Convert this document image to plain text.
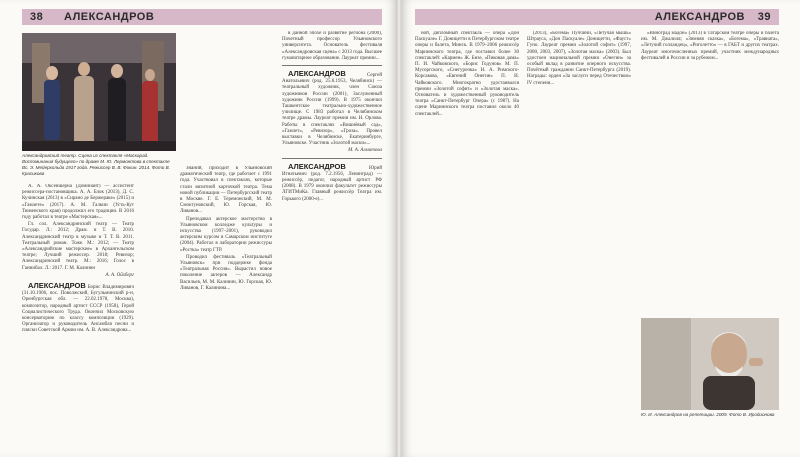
38	АЛЕКСАНДРОВ
Александровский театр. Сцена из спектакля «Маскарад. Воспоминания будущего» по драме М. Ю. Лермонтова в спектакле Вс. Э. Мейерхольда 1917 года. Режиссер В. В. Фокин. 2014. Фото В. Красикова

А. А. Оксеншерна (Доминант) — ассистент режиссера-постановщика. А. А. Блок (2013), Д. С. Кучинская (2013) в «Сирано де Бержераке» (2015) и «Гамлете» (2017). А. М. Галкин (Усть-Кут Тюменского края) продолжил его традиции. В 2016 году работал в театре «Мастерская»...

Гл. сол. Александринский театр — Театр Государ. Л.: 2012; Драм. и Т. В. 2010. Александринский театр в музыке и Т. Т. В. 2011. Театральный роман. Тоже. М.: 2012; — Театр «Александрийские мастерские» в Архангельском театре; Лучший режиссер. 2018; Ревизор; Александринский театр. М.: 2016; Голос в Ганнибал. Л.: 2017. Г. М. Калинин

А. А. Ойхберг

АЛЕКСАНДРОВ Борис Владимирович (31.10.1906, пос. Поволжский, Бугульминский р-н, Оренбургская обл. — 22.02.1978, Москва), композитор, народный артист СССР (1958), Герой Социалистического Труда. Окончил Московскую консерваторию по классу композиции (1929). Организатор и руководитель Ансамбля песни и пляски Советской Армии им. А. В. Александрова...

Знаний, приходит в Ульяновский драматический театр, где работает с 1991 года. Участвовал в спектаклях, которые стали визитной карточкой театра. Тема новой публикации — Петербургский театр в Москве. Г. Е. Теремонский, М. М. Смоктуновский, Ю. Горская, Ю. Ливанов...

Преподавал актерское мастерство в Ульяновском колледже культуры и искусства (1997–2001), руководил актерским курсом в Самарском институте (2004). Работал в лаборатории режиссуры «Ростка» театр ГТР.

Проводил фестиваль «Театральный Ульяновск» при поддержке фонда «Театральная Россия». Вырастил новое поколение актеров — Александр Васильев, М. М. Калинин, Ю. Горская, Ю. Ливанов, Г. Калинина...

в данной эпохе и развитие региона (2000), Почетный профессор Ульяновского университета. Основатель фестиваля «Александровская сцена» с 2013 года. Высшее гуманитарное образование. Лауреат премии...

АЛЕКСАНДРОВ	Сергей Анатольевич (род. 25.6.1953, Челябинск) — театральный художник, член Союза художников России (2001), Заслуженный художник России (1999). В 1975 окончил Ташкентское театрально-художественное училище. С 1983 работал в Челябинском театре драмы. Лауреат премии им. Н. Орлова. Работы в спектаклях «Вишнёвый сад», «Гамлет», «Ревизор», «Гроза». Провел выставки в Челябинске, Екатеринбурге, Ульяновске. Участник «Золотой маски»...

М. А. Алматова

АЛЕКСАНДРОВ	Юрий Игнатьевич (род. 7.2.1956, Ленинград) — режиссёр, педагог, народный артист РФ (2008). В 1979 окончил факультет режиссуры ЛГИТМиКа. Главный режиссёр Театра им. Горького (2000-е)...

АЛЕКСАНДРОВ	39

ной, дипломный спектакль — опера «Дон Паскуале» Г. Доницетти в Петербургском театре оперы и балета, Минск. В 1979–2006 режиссёр Мариинского театра, где поставил более 30 спектаклей: «Кармен» Ж. Бизе, «Пиковая дама» П. И. Чайковского, «Борис Годунов» М. П. Мусоргского, «Снегурочка» Н. А. Римского-Корсакова, «Евгений Онегин» П. И. Чайковского. Многократно удостаивался премии «Золотой софит» и «Золотая маска». Основатель и художественный руководитель театра «Санкт-Петербург Опера» (с 1987). На сцене Мариинского театра поставил около 40 спектаклей...

(2013), «Богема» Пуччини, «Летучая мышь» Штрауса, «Дон Паскуале» Доницетти, «Фауст» Гуно. Лауреат премии «Золотой софит» (1997, 2000, 2003, 2007), «Золотая маска» (2003). Был удостоен национальной премии «Онегин» за особый вклад в развитие оперного искусства. Почётный гражданин Санкт-Петербурга (2019). Награды: орден «За заслуги перед Отечеством» IV степени...

«Виноград мадон» (2013) в Татарском театре оперы и балета им. М. Джалиля; «Зимняя сказка», «Богема», «Травиата», «Летучий голландец», «Риголетто» — в ГАБТ и других театрах. Лауреат многочисленных премий, участник международных фестивалей в России и за рубежом...

Ю. И. Александров на репетиции. 2009. Фото В. Иродионова
